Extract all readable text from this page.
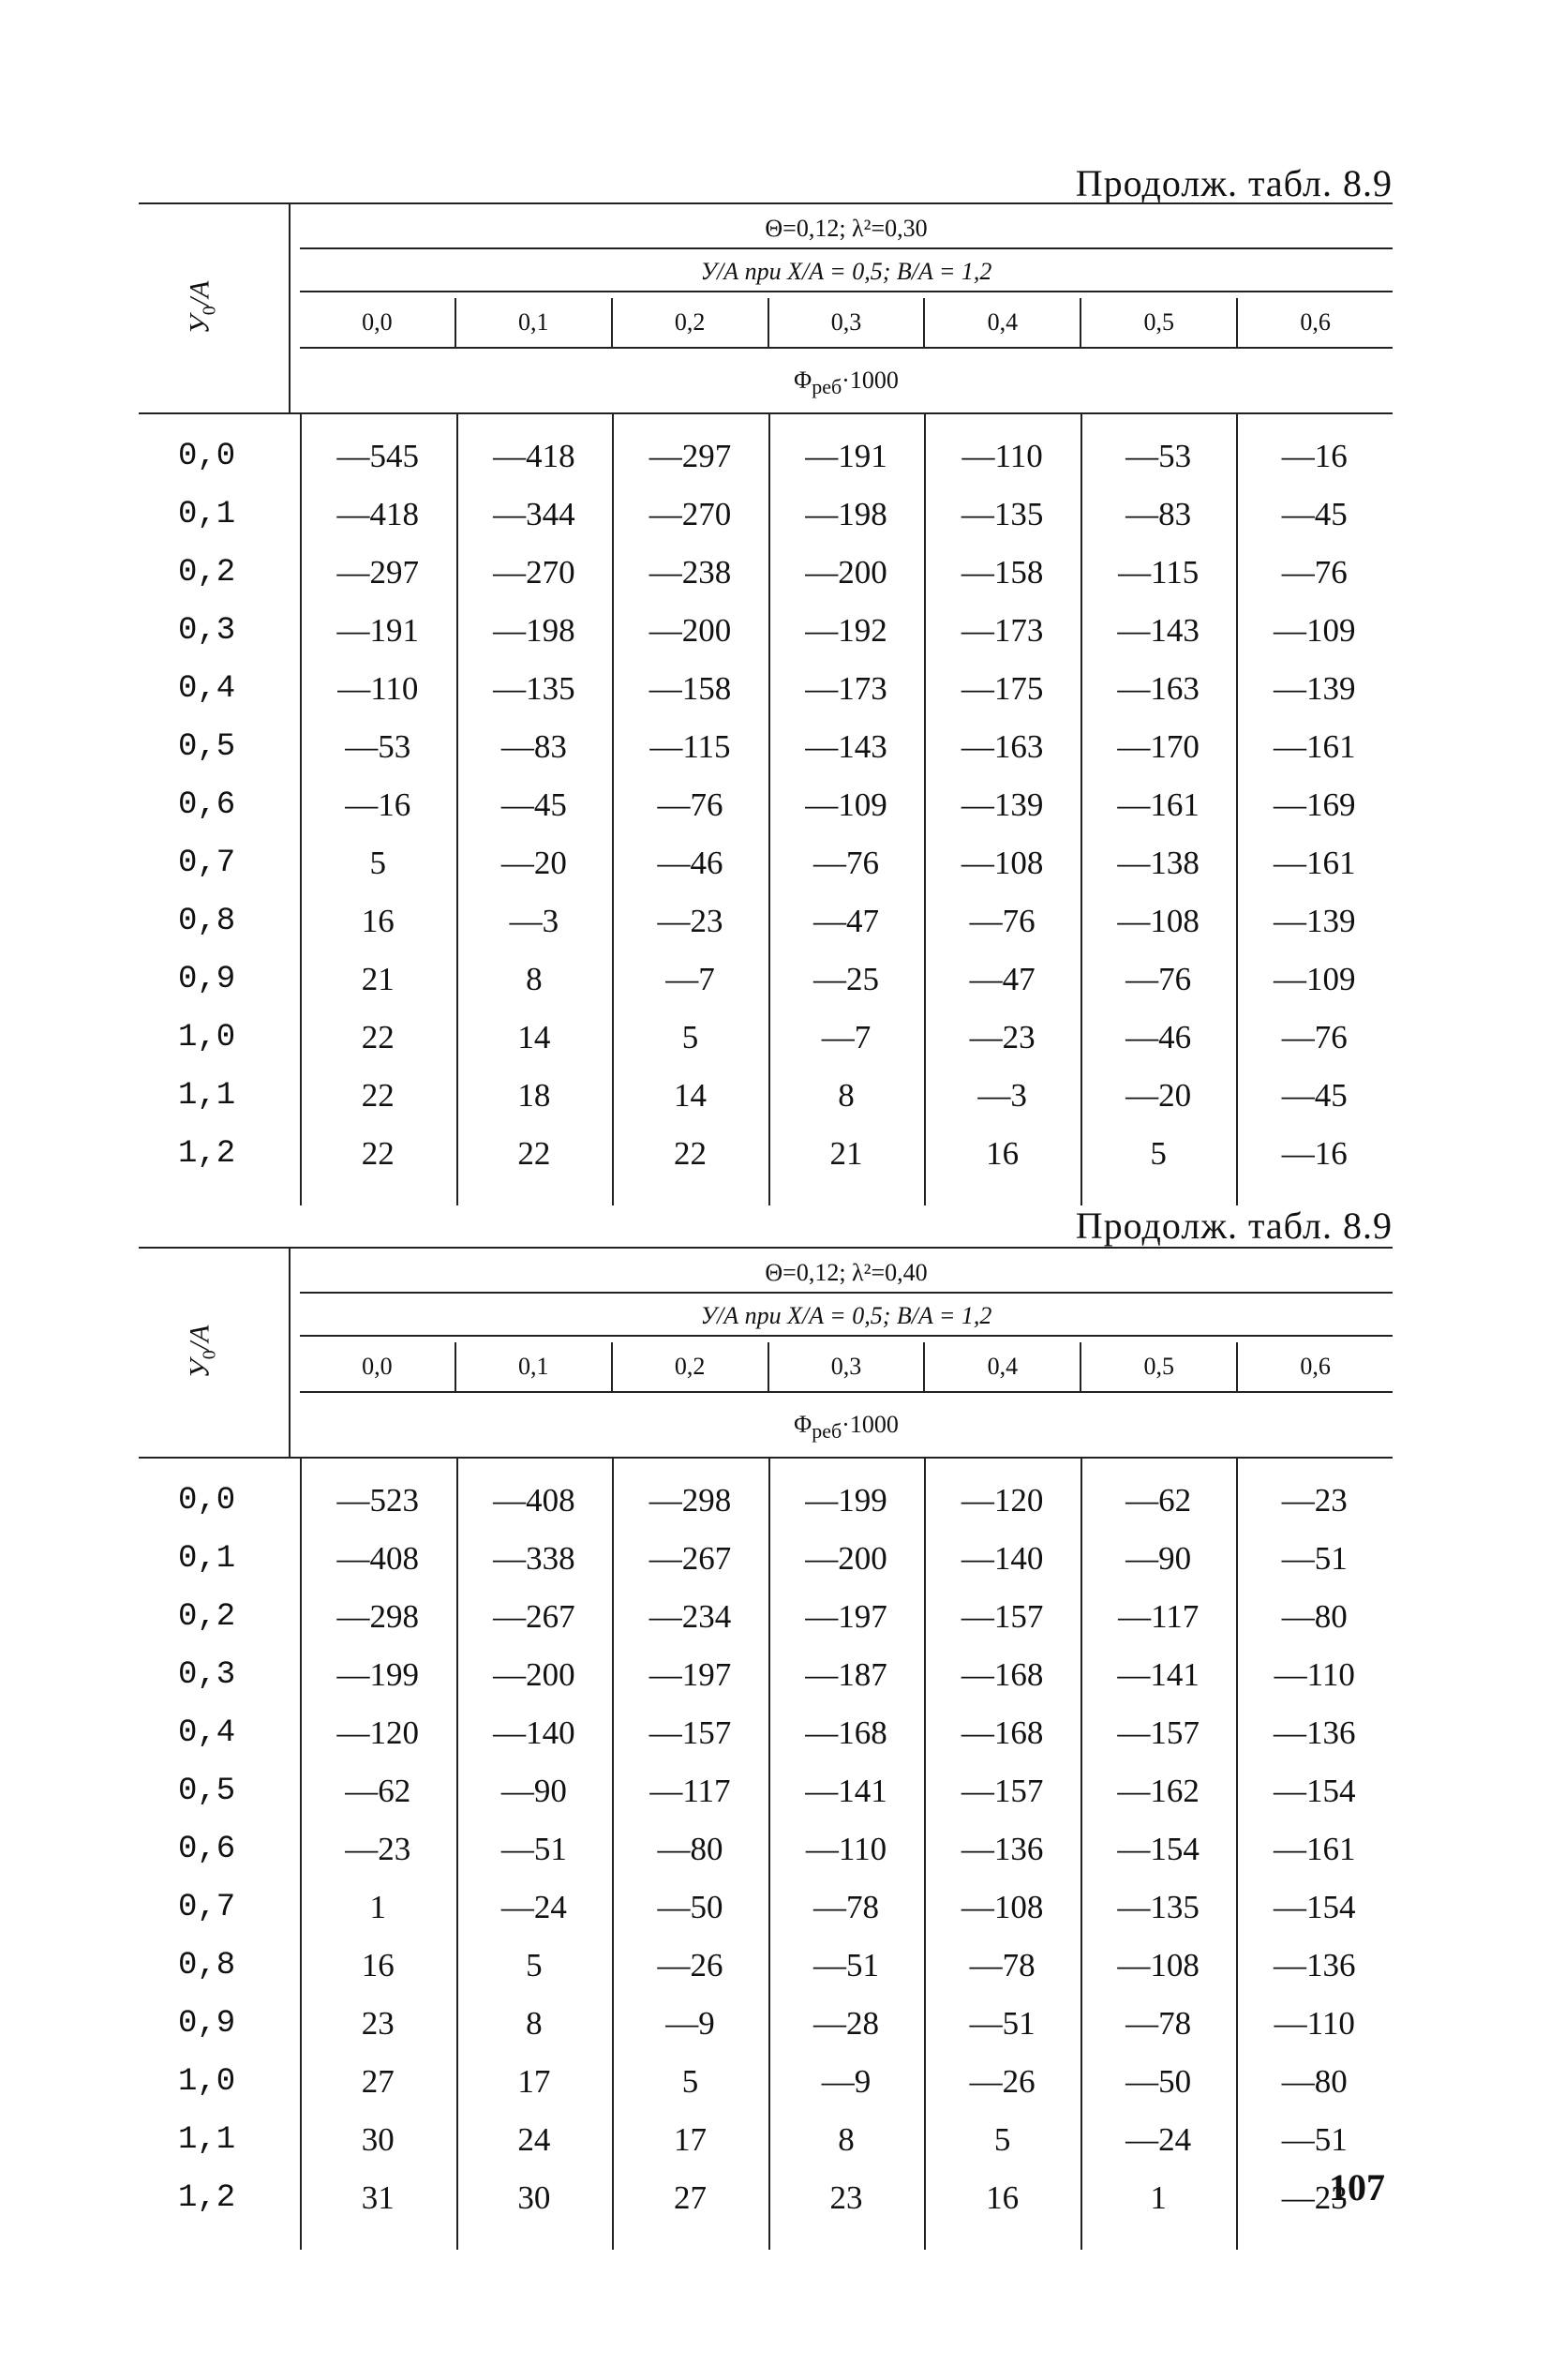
Продолж. табл. 8.9
$У_0/А$
Θ=0,12; λ²=0,30
У/А при X/A = 0,5; B/A = 1,2
0,0	0,1	0,2	0,3	0,4	0,5	0,6
$\Phi_{реб}\cdot 1000$
0,0	—545	—418	—297	—191	—110	—53	—16
0,1	—418	—344	—270	—198	—135	—83	—45
0,2	—297	—270	—238	—200	—158	—115	—76
0,3	—191	—198	—200	—192	—173	—143	—109
0,4	—110	—135	—158	—173	—175	—163	—139
0,5	—53	—83	—115	—143	—163	—170	—161
0,6	—16	—45	—76	—109	—139	—161	—169
0,7	5	—20	—46	—76	—108	—138	—161
0,8	16	—3	—23	—47	—76	—108	—139
0,9	21	8	—7	—25	—47	—76	—109
1,0	22	14	5	—7	—23	—46	—76
1,1	22	18	14	8	—3	—20	—45
1,2	22	22	22	21	16	5	—16
Продолж. табл. 8.9
$У_0/А$
Θ=0,12; λ²=0,40
У/А при X/A = 0,5; B/A = 1,2
0,0	0,1	0,2	0,3	0,4	0,5	0,6
$\Phi_{реб}\cdot 1000$
0,0	—523	—408	—298	—199	—120	—62	—23
0,1	—408	—338	—267	—200	—140	—90	—51
0,2	—298	—267	—234	—197	—157	—117	—80
0,3	—199	—200	—197	—187	—168	—141	—110
0,4	—120	—140	—157	—168	—168	—157	—136
0,5	—62	—90	—117	—141	—157	—162	—154
0,6	—23	—51	—80	—110	—136	—154	—161
0,7	1	—24	—50	—78	—108	—135	—154
0,8	16	5	—26	—51	—78	—108	—136
0,9	23	8	—9	—28	—51	—78	—110
1,0	27	17	5	—9	—26	—50	—80
1,1	30	24	17	8	5	—24	—51
1,2	31	30	27	23	16	1	—23
107
